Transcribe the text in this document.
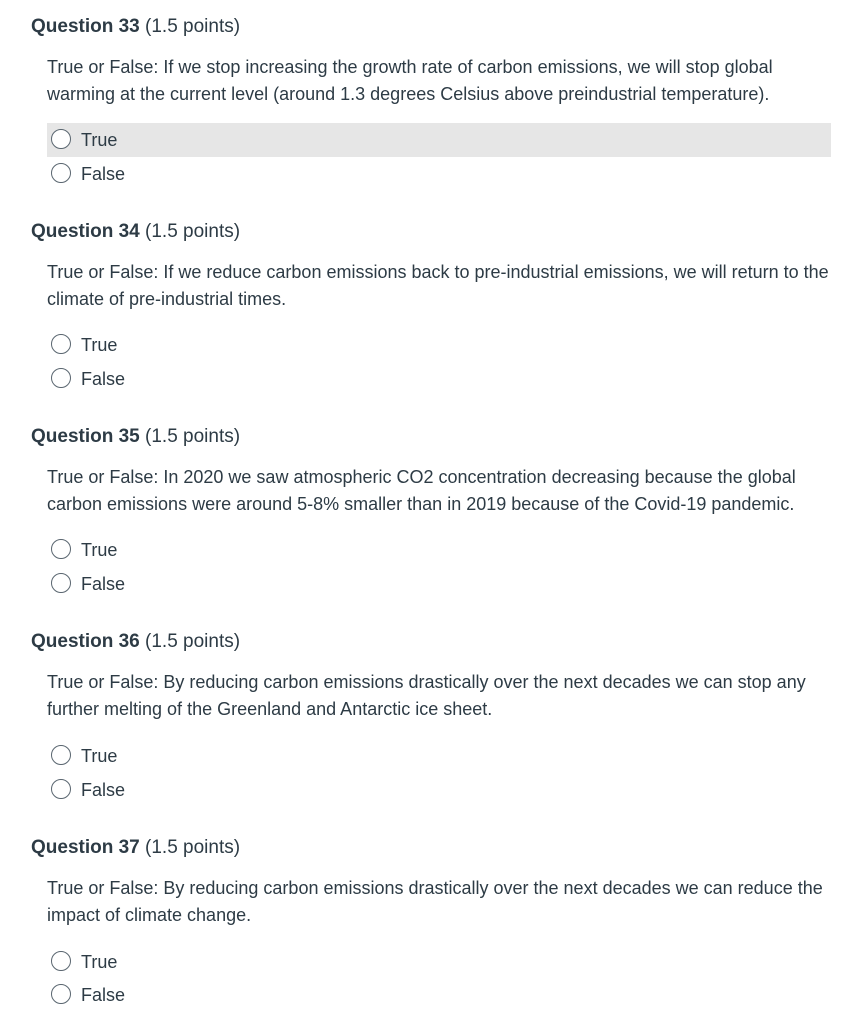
Question 33 (1.5 points)
True or False: If we stop increasing the growth rate of carbon emissions, we will stop global warming at the current level (around 1.3 degrees Celsius above preindustrial temperature).
True
False
Question 34 (1.5 points)
True or False: If we reduce carbon emissions back to pre-industrial emissions, we will return to the climate of pre-industrial times.
True
False
Question 35 (1.5 points)
True or False: In 2020 we saw atmospheric CO2 concentration decreasing because the global carbon emissions were around 5-8% smaller than in 2019 because of the Covid-19 pandemic.
True
False
Question 36 (1.5 points)
True or False: By reducing carbon emissions drastically over the next decades we can stop any further melting of the Greenland and Antarctic ice sheet.
True
False
Question 37 (1.5 points)
True or False: By reducing carbon emissions drastically over the next decades we can reduce the impact of climate change.
True
False
